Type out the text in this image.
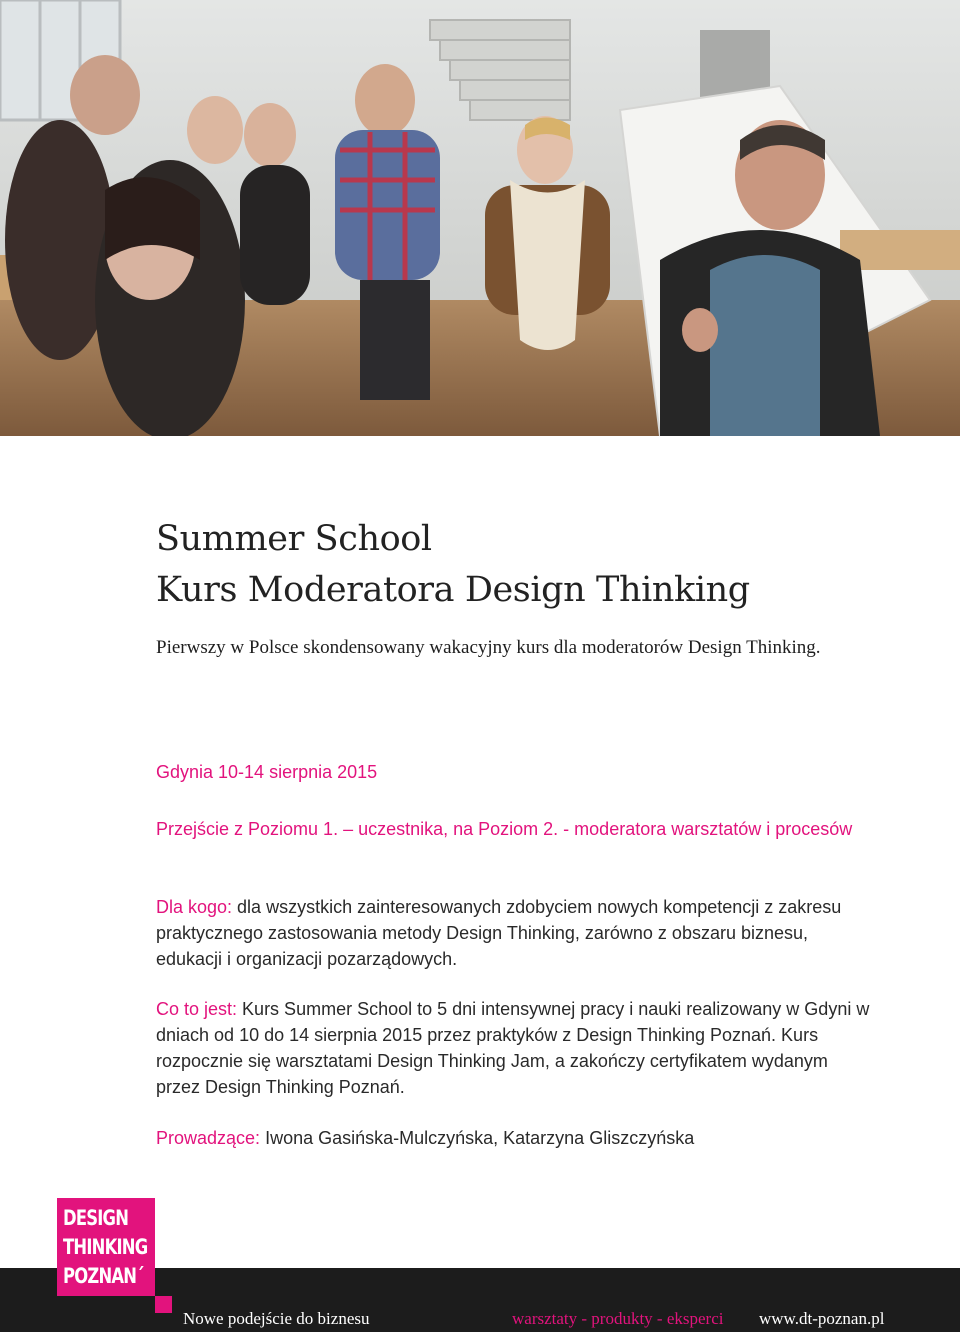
Summer School
Kurs Moderatora Design Thinking

Pierwszy w Polsce skondensowany wakacyjny kurs dla moderatorów Design Thinking.

Gdynia 10-14 sierpnia 2015

Przejście z Poziomu 1. – uczestnika, na Poziom 2. - moderatora warsztatów i procesów

Dla kogo: dla wszystkich zainteresowanych zdobyciem nowych kompetencji z zakresu praktycznego zastosowania metody Design Thinking, zarówno z obszaru biznesu, edukacji i organizacji pozarządowych.

Co to jest: Kurs Summer School to 5 dni intensywnej pracy i nauki realizowany w Gdyni w dniach od 10 do 14 sierpnia 2015 przez praktyków z Design Thinking Poznań. Kurs rozpocznie się warsztatami Design Thinking Jam, a zakończy certyfikatem wydanym przez Design Thinking Poznań.

Prowadzące: Iwona Gasińska-Mulczyńska, Katarzyna Gliszczyńska

DESIGN
THINKING
POZNAN´
Nowe podejście do biznesu	warsztaty - produkty - eksperci www.dt-poznan.pl
